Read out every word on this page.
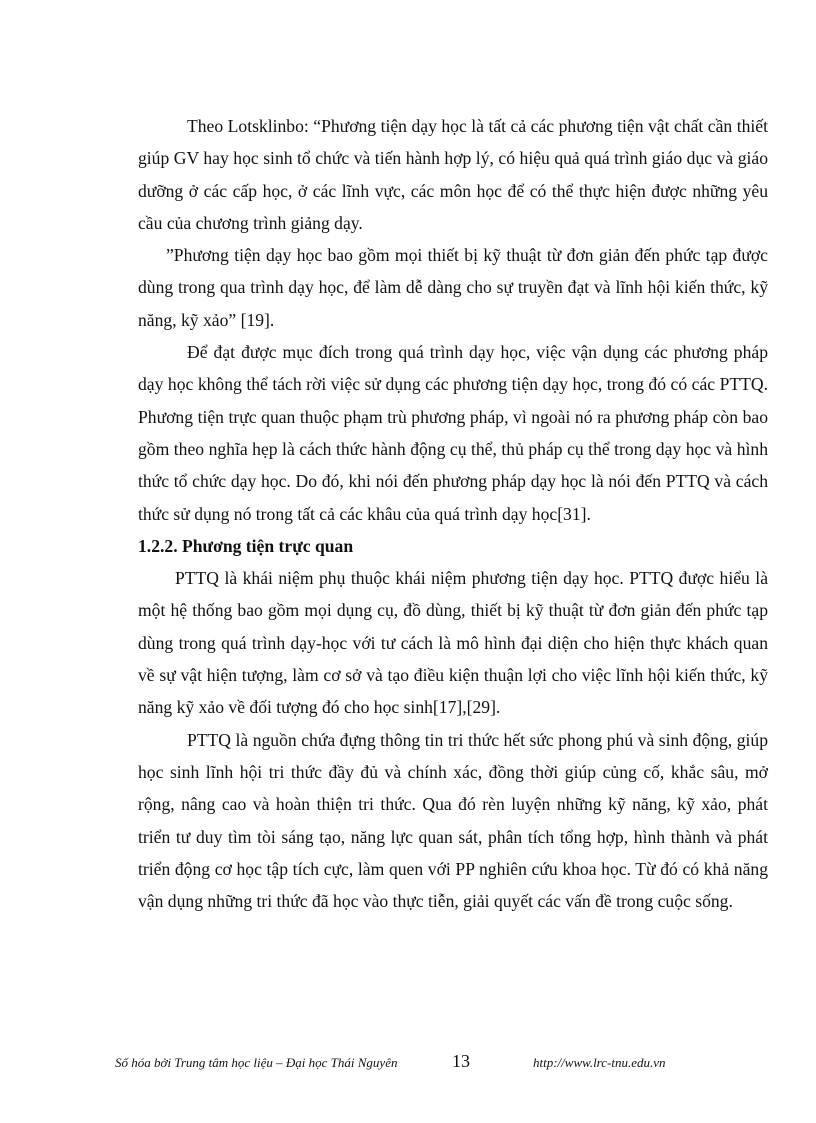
Theo Lotsklinbo: “Phương tiện dạy học là tất cả các phương tiện vật chất cần thiết giúp GV hay học sinh tổ chức và tiến hành hợp lý, có hiệu quả quá trình giáo dục và giáo dưỡng ở các cấp học, ở các lĩnh vực, các môn học để có thể thực hiện được những yêu cầu của chương trình giảng dạy.

”Phương tiện dạy học bao gồm mọi thiết bị kỹ thuật từ đơn giản đến phức tạp được dùng trong qua trình dạy học, để làm dễ dàng cho sự truyền đạt và lĩnh hội kiến thức, kỹ năng, kỹ xảo” [19].

Để đạt được mục đích trong quá trình dạy học, việc vận dụng các phương pháp dạy học không thể tách rời việc sử dụng các phương tiện dạy học, trong đó có các PTTQ. Phương tiện trực quan thuộc phạm trù phương pháp, vì ngoài nó ra phương pháp còn bao gồm theo nghĩa hẹp là cách thức hành động cụ thể, thủ pháp cụ thể trong dạy học và hình thức tổ chức dạy học. Do đó, khi nói đến phương pháp dạy học là nói đến PTTQ và cách thức sử dụng nó trong tất cả các khâu của quá trình dạy học[31].

1.2.2. Phương tiện trực quan

PTTQ là khái niệm phụ thuộc khái niệm phương tiện dạy học. PTTQ được hiểu là một hệ thống bao gồm mọi dụng cụ, đồ dùng, thiết bị kỹ thuật từ đơn giản đến phức tạp dùng trong quá trình dạy-học với tư cách là mô hình đại diện cho hiện thực khách quan về sự vật hiện tượng, làm cơ sở và tạo điều kiện thuận lợi cho việc lĩnh hội kiến thức, kỹ năng kỹ xảo về đối tượng đó cho học sinh[17],[29].

PTTQ là nguồn chứa đựng thông tin tri thức hết sức phong phú và sinh động, giúp học sinh lĩnh hội tri thức đầy đủ và chính xác, đồng thời giúp củng cố, khắc sâu, mở rộng, nâng cao và hoàn thiện tri thức. Qua đó rèn luyện những kỹ năng, kỹ xảo, phát triển tư duy tìm tòi sáng tạo, năng lực quan sát, phân tích tổng hợp, hình thành và phát triển động cơ học tập tích cực, làm quen với PP nghiên cứu khoa học. Từ đó có khả năng vận dụng những tri thức đã học vào thực tiễn, giải quyết các vấn đề trong cuộc sống.

Số hóa bởi Trung tâm học liệu – Đại học Thái Nguyên	13	http://www.lrc-tnu.edu.vn
